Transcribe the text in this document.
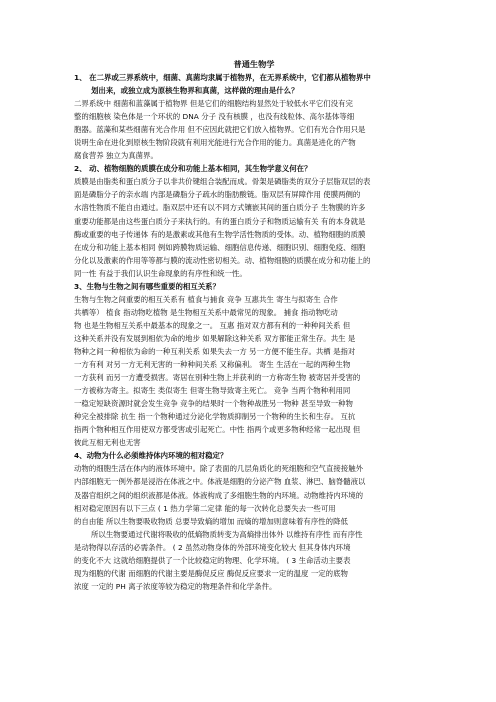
普通生物学
1、 在二界或三界系统中，细菌、真菌均隶属于植物界，在无界系统中，它们都从植物界中
划出来，或独立成为原核生物界和真菌，这样做的理由是什么？
二界系统中 细菌和蓝藻属于植物界 但是它们的细胞结构显然处于较低水平它们没有完
整的细胞核 染色体是一个环状的 DNA 分子 没有核膜 ，也没有线粒体、高尔基体等细
胞器。蓝藻和某些细菌有光合作用 但不应因此就把它们放入植物界。它们有光合作用只是
说明生命在进化到原核生物阶段就有利用光能进行光合作用的能力。真菌是进化的产物
腐食营养 独立为真菌界。
2、 动、植物细胞的质膜在成分和功能上基本相同，其生物学意义何在？
质膜是由脂类和蛋白质分子以非共价键组合装配而成。骨架是磷脂类的双分子层脂双层的表
面是磷脂分子的亲水端 内部是磷脂分子疏水的脂肪酸链。脂双层有屏障作用 使膜两侧的
水溶性物质不能自由通过。脂双层中还有以不同方式镶嵌其间的蛋白质分子 生物膜的许多
重要功能都是由这些蛋白质分子来执行的。有的蛋白质分子和物质运输有关 有的本身就是
酶或重要的电子传递体 有的是激素或其他有生物学活性物质的受体。动、植物细胞的质膜
在成分和功能上基本相同 例如跨膜物质运输、细胞信息传递、细胞识别、细胞免疫、细胞
分化以及激素的作用等等都与膜的流动性密切相关。动、植物细胞的质膜在成分和功能上的
同一性 有益于我们认识生命现象的有序性和统一性。
3、生物与生物之间有哪些重要的相互关系？
生物与生物之间重要的相互关系有 植食与捕食 竞争 互惠共生 寄生与拟寄生 合作
共栖等） 植食 指动物吃植物 是生物相互关系中最常见的现象。 捕食 指动物吃动
物 也是生物相互关系中最基本的现象之一。 互惠 指对双方都有利的一种种间关系 但
这种关系并没有发展到相依为命的地步 如果解除这种关系 双方都能正常生存。共生 是
物种之间一种相依为命的一种互利关系 如果失去一方 另一方便不能生存。共栖 是指对
一方有利 对另一方无利无害的一种种间关系 又称偏利。 寄生 生活在一起的两种生物
一方获利 而另一方遭受损害。寄居在别种生物上并获利的一方称寄生物 被寄居并受害的
一方被称为寄主。拟寄生 类似寄生 但寄生物导致寄主死亡。 竞争 当两个物种利用同
一稳定短缺资源时就会发生竞争 竞争的结果时一个物种战胜另一物种 甚至导致一种物
种完全被排除 抗生 指一个物种通过分泌化学物质抑制另一个物种的生长和生存。 互抗
指两个物种相互作用使双方都受害或引起死亡。中性 指两个或更多物种经常一起出现 但
彼此互相无利也无害
4、动物为什么必须维持体内环境的相对稳定？
动物的细胞生活在体内的液体环境中。除了表面的几层角质化的死细胞和空气直接接触外
内部细胞无一例外都是浸浴在体液之中。体液是细胞的分泌产物 血浆、淋巴、脑脊髓液以
及器官组织之间的组织液都是体液。体液构成了多细胞生物的内环境。动物维持内环境的
相对稳定原因有以下三点 ( 1 热力学第二定律 能的每一次转化总要失去一些可用
的自由能 所以生物要吸收物质 总要导致熵的增加 而熵的增加则意味着有序性的降低
所以生物要通过代谢将吸收的低熵物质转变为高熵排出体外 以维持有序性 而有序性
是动物得以存活的必需条件。 ( 2 虽然动物身体的外部环境变化较大 但其身体内环境
的变化不大 这就给细胞提供了一个比较稳定的物理、化学环境。 ( 3 生命活动主要表
现为细胞的代谢 而细胞的代谢主要是酶促反应 酶促反应要求一定的温度 一定的底物
浓度 一定的 PH 离子浓度等较为稳定的物理条件和化学条件。
